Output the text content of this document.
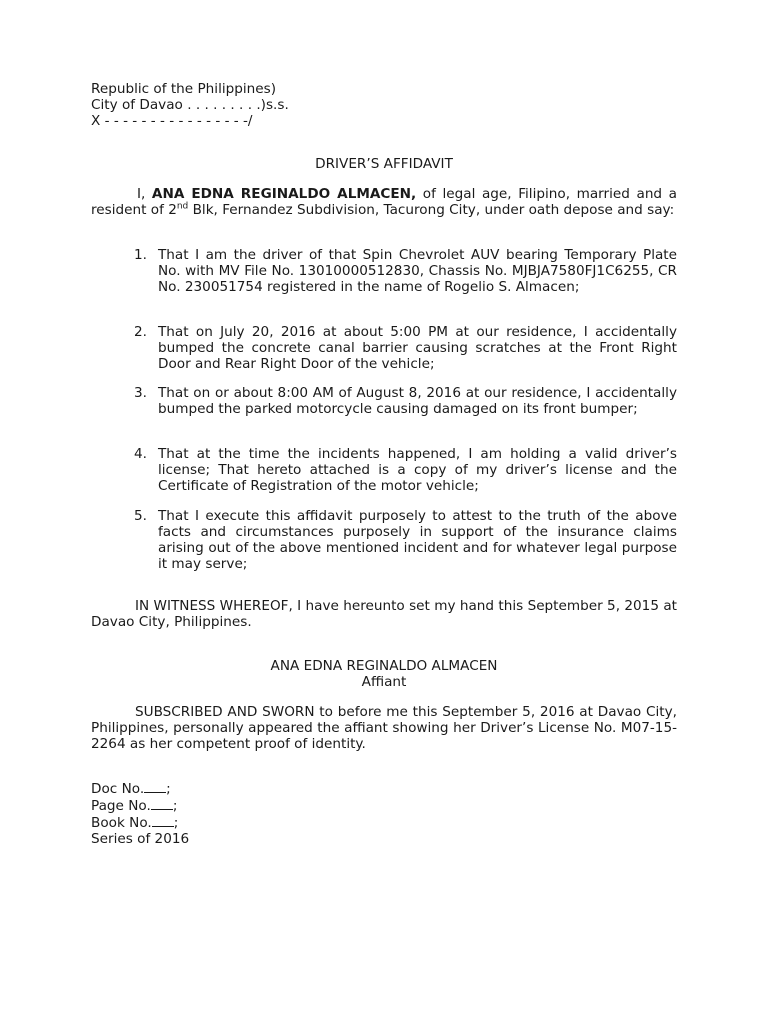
Republic of the Philippines)
City of Davao . . . . . . . . .)s.s.
X - - - - - - - - - - - - - - - -/
DRIVER’S AFFIDAVIT
I, ANA EDNA REGINALDO ALMACEN, of legal age, Filipino, married and a resident of 2nd Blk, Fernandez Subdivision, Tacurong City, under oath depose and say:
1. That I am the driver of that Spin Chevrolet AUV bearing Temporary Plate No. with MV File No. 13010000512830, Chassis No. MJBJA7580FJ1C6255, CR No. 230051754 registered in the name of Rogelio S. Almacen;
2. That on July 20, 2016 at about 5:00 PM at our residence, I accidentally bumped the concrete canal barrier causing scratches at the Front Right Door and Rear Right Door of the vehicle;
3. That on or about 8:00 AM of August 8, 2016 at our residence, I accidentally bumped the parked motorcycle causing damaged on its front bumper;
4. That at the time the incidents happened, I am holding a valid driver’s license; That hereto attached is a copy of my driver’s license and the Certificate of Registration of the motor vehicle;
5. That I execute this affidavit purposely to attest to the truth of the above facts and circumstances purposely in support of the insurance claims arising out of the above mentioned incident and for whatever legal purpose it may serve;
IN WITNESS WHEREOF, I have hereunto set my hand this September 5, 2015 at Davao City, Philippines.
ANA EDNA REGINALDO ALMACEN
Affiant
SUBSCRIBED AND SWORN to before me this September 5, 2016 at Davao City, Philippines, personally appeared the affiant showing her Driver’s License No. M07-15-2264 as her competent proof of identity.
Doc No. ;
Page No. ;
Book No. ;
Series of 2016
